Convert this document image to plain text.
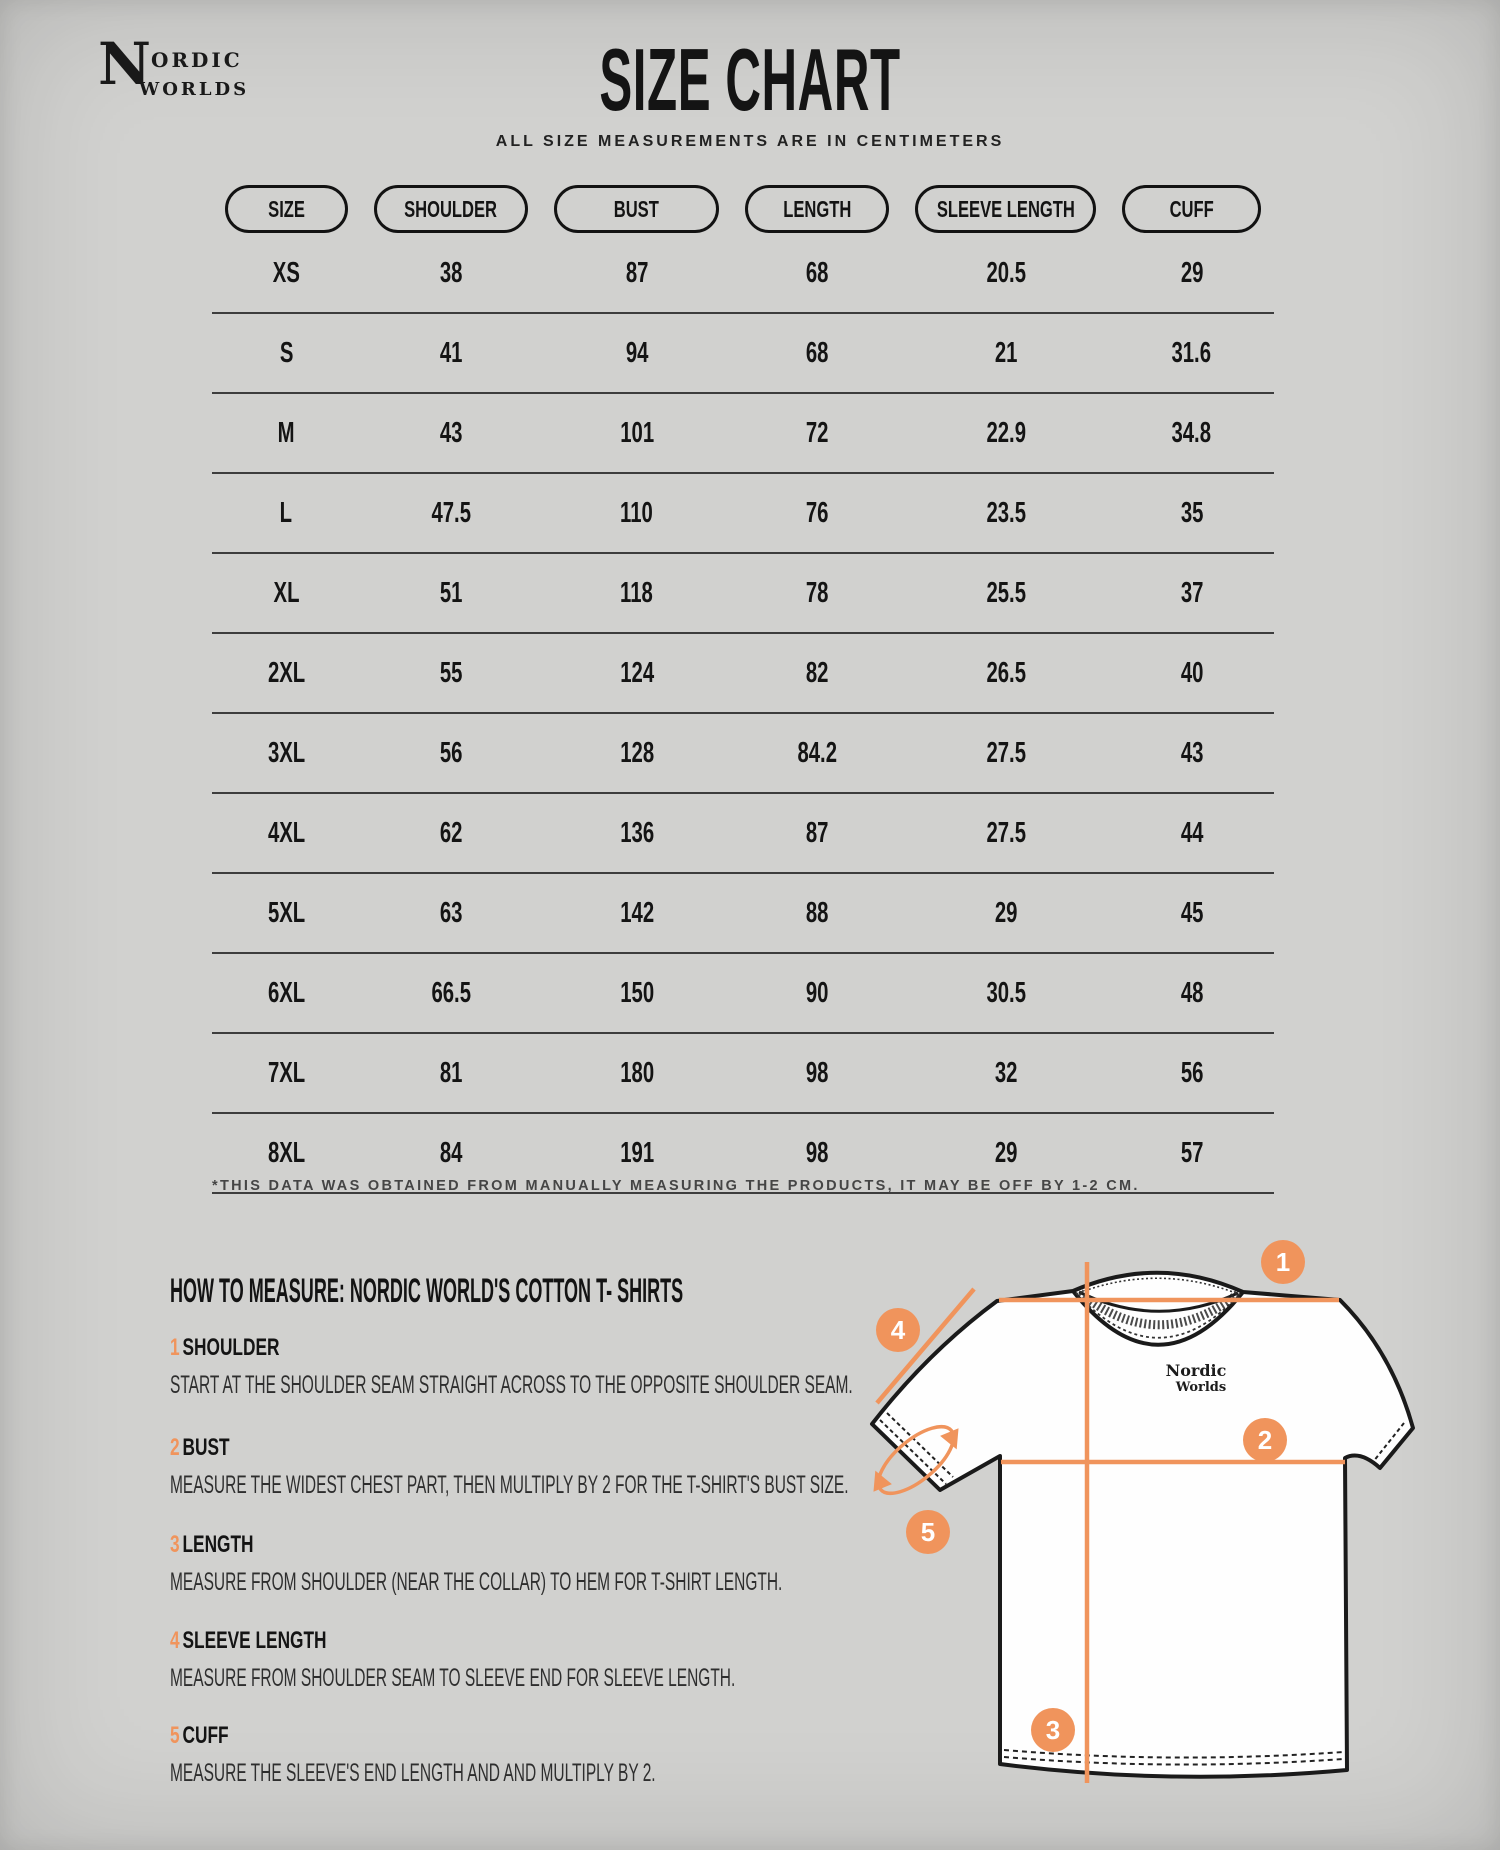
N ordic
worlds	SIZE CHART
ALL SIZE MEASUREMENTS ARE IN CENTIMETERS
SIZE	SHOULDER	BUST	LENGTH	SLEEVE LENGTH	CUFF
XS	38	87	68	20.5	29
S	41	94	68	21	31.6
M	43	101	72	22.9	34.8
L	47.5	110	76	23.5	35
XL	51	118	78	25.5	37
2XL	55	124	82	26.5	40
3XL	56	128	84.2	27.5	43
4XL	62	136	87	27.5	44
5XL	63	142	88	29	45
6XL	66.5	150	90	30.5	48
7XL	81	180	98	32	56
8XL	84	191	98	29	57
*THIS DATA WAS OBTAINED FROM MANUALLY MEASURING THE PRODUCTS, IT MAY BE OFF BY 1-2 CM.
HOW TO MEASURE: NORDIC WORLD'S COTTON T- SHIRTS
1 SHOULDER
START AT THE SHOULDER SEAM STRAIGHT ACROSS TO THE OPPOSITE SHOULDER SEAM.
2 BUST
MEASURE THE WIDEST CHEST PART, THEN MULTIPLY BY 2 FOR THE T-SHIRT'S BUST SIZE.
3 LENGTH
MEASURE FROM SHOULDER (NEAR THE COLLAR) TO HEM FOR T-SHIRT LENGTH.
4 SLEEVE LENGTH
MEASURE FROM SHOULDER SEAM TO SLEEVE END FOR SLEEVE LENGTH.
5 CUFF
MEASURE THE SLEEVE'S END LENGTH AND AND MULTIPLY BY 2.
Nordic
Worlds
1
2
3
4
5
